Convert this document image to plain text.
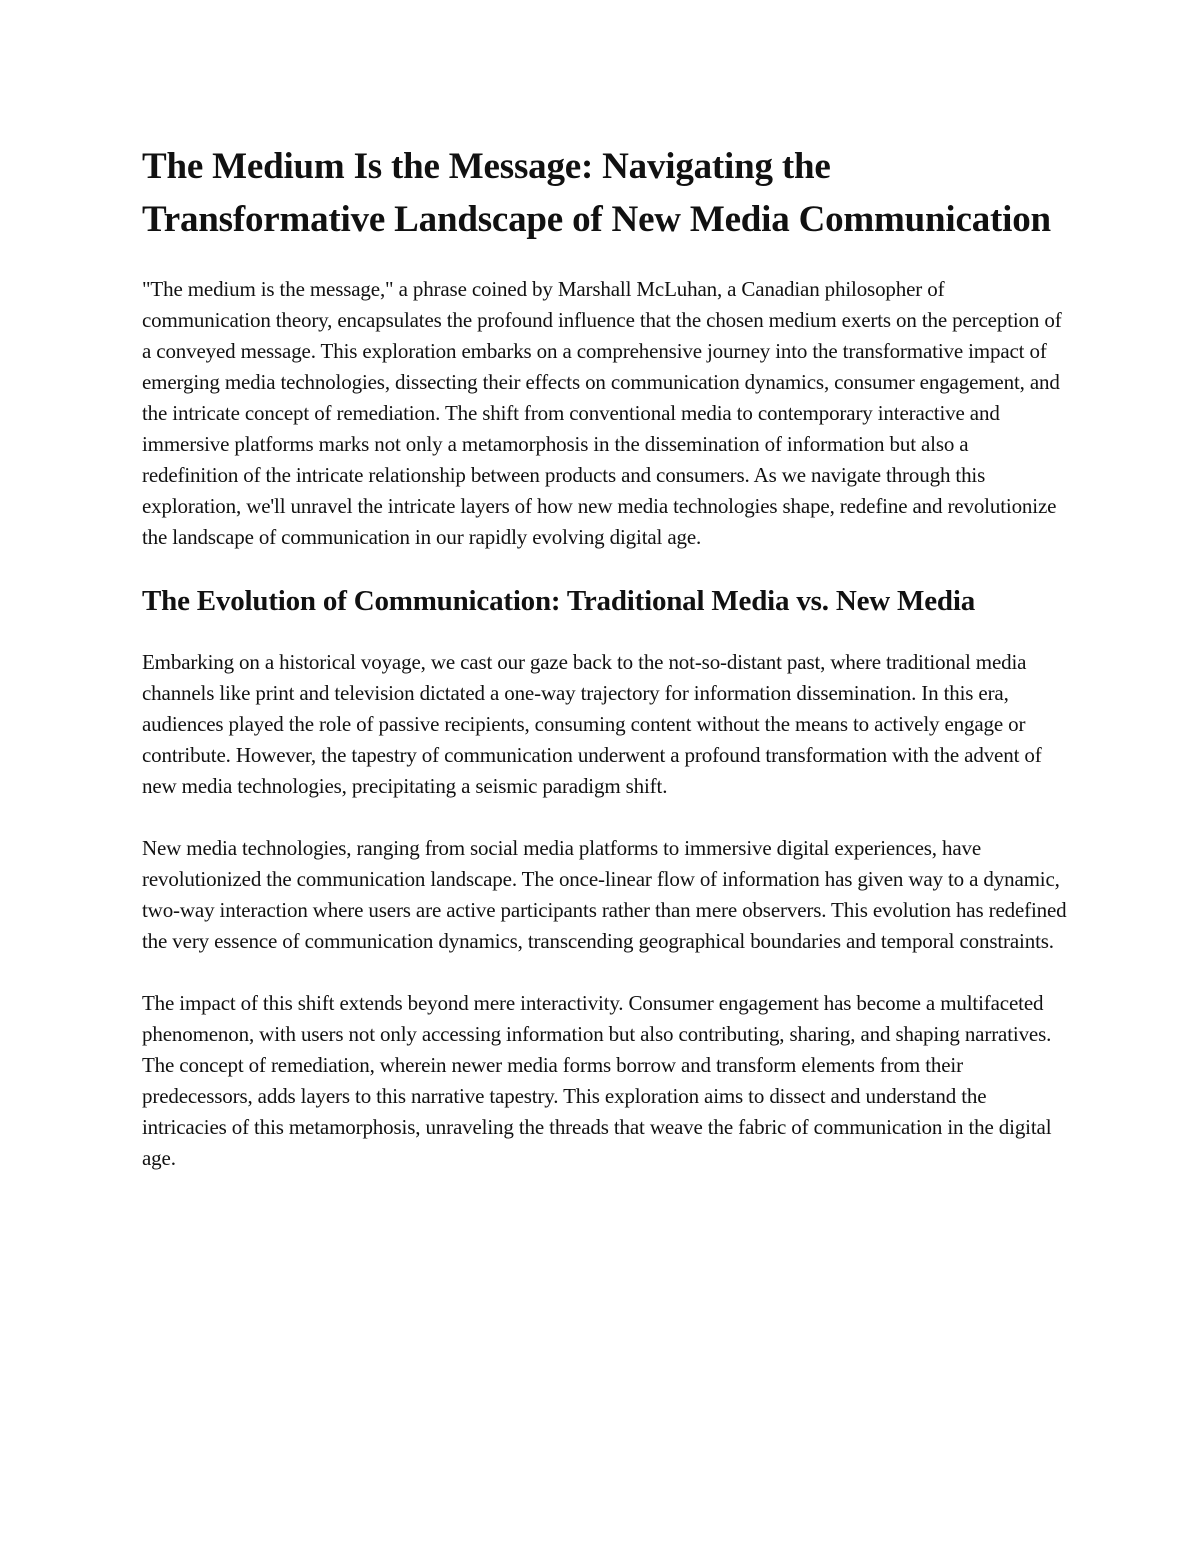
The Medium Is the Message: Navigating the Transformative Landscape of New Media Communication

"The medium is the message," a phrase coined by Marshall McLuhan, a Canadian philosopher of communication theory, encapsulates the profound influence that the chosen medium exerts on the perception of a conveyed message. This exploration embarks on a comprehensive journey into the transformative impact of emerging media technologies, dissecting their effects on communication dynamics, consumer engagement, and the intricate concept of remediation. The shift from conventional media to contemporary interactive and immersive platforms marks not only a metamorphosis in the dissemination of information but also a redefinition of the intricate relationship between products and consumers. As we navigate through this exploration, we'll unravel the intricate layers of how new media technologies shape, redefine and revolutionize the landscape of communication in our rapidly evolving digital age.

The Evolution of Communication: Traditional Media vs. New Media

Embarking on a historical voyage, we cast our gaze back to the not-so-distant past, where traditional media channels like print and television dictated a one-way trajectory for information dissemination. In this era, audiences played the role of passive recipients, consuming content without the means to actively engage or contribute. However, the tapestry of communication underwent a profound transformation with the advent of new media technologies, precipitating a seismic paradigm shift.

New media technologies, ranging from social media platforms to immersive digital experiences, have revolutionized the communication landscape. The once-linear flow of information has given way to a dynamic, two-way interaction where users are active participants rather than mere observers. This evolution has redefined the very essence of communication dynamics, transcending geographical boundaries and temporal constraints.

The impact of this shift extends beyond mere interactivity. Consumer engagement has become a multifaceted phenomenon, with users not only accessing information but also contributing, sharing, and shaping narratives. The concept of remediation, wherein newer media forms borrow and transform elements from their predecessors, adds layers to this narrative tapestry. This exploration aims to dissect and understand the intricacies of this metamorphosis, unraveling the threads that weave the fabric of communication in the digital age.
